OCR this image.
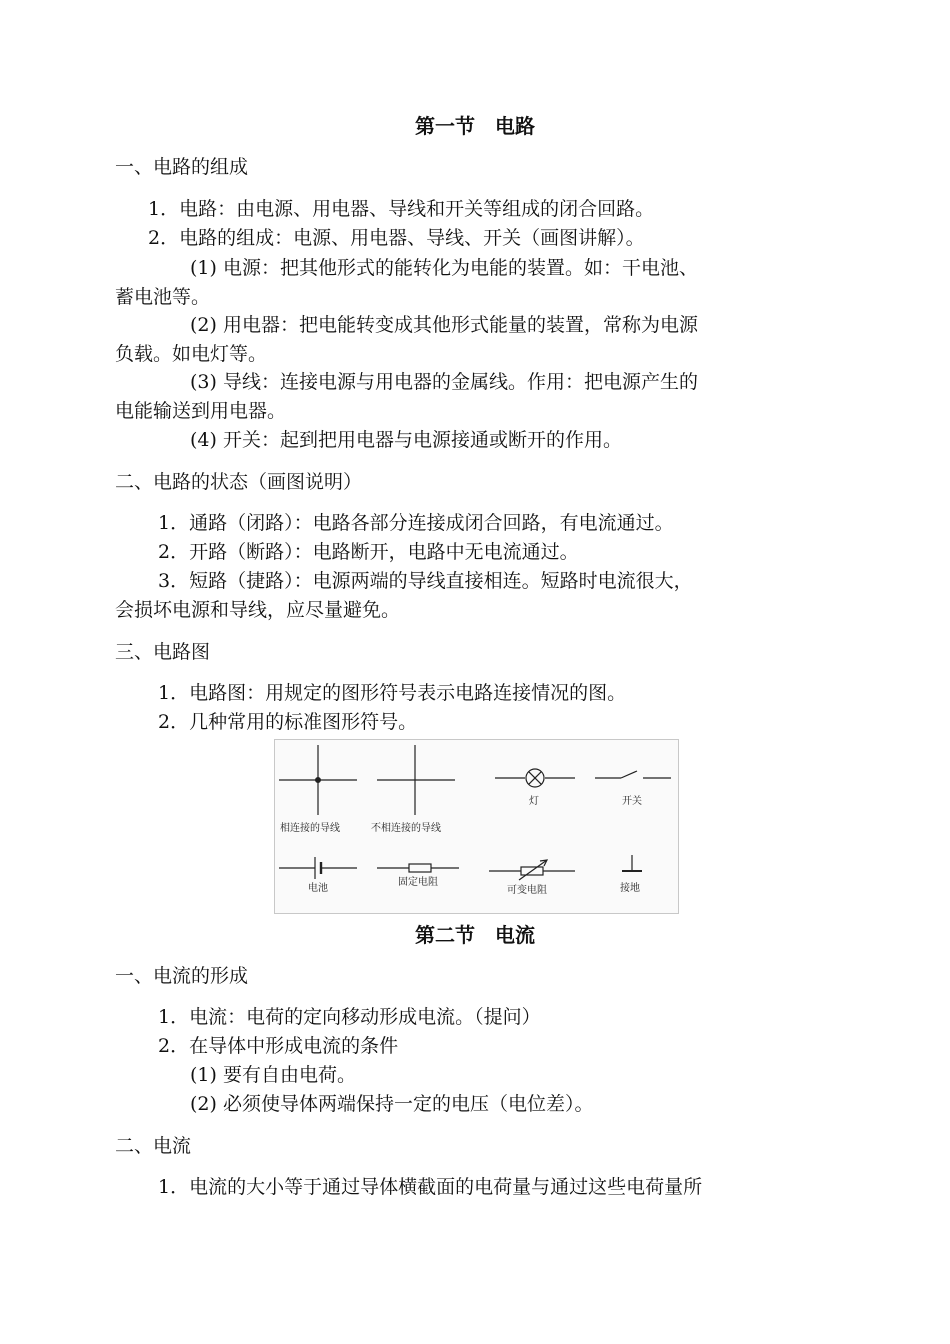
第一节　电路
一、电路的组成
1．电路：由电源、用电器、导线和开关等组成的闭合回路。
2．电路的组成：电源、用电器、导线、开关（画图讲解）。
(1) 电源：把其他形式的能转化为电能的装置。如：干电池、
蓄电池等。
(2) 用电器：把电能转变成其他形式能量的装置，常称为电源
负载。如电灯等。
(3) 导线：连接电源与用电器的金属线。作用：把电源产生的
电能输送到用电器。
(4) 开关：起到把用电器与电源接通或断开的作用。
二、电路的状态（画图说明）
1．通路（闭路）：电路各部分连接成闭合回路，有电流通过。
2．开路（断路）：电路断开，电路中无电流通过。
3．短路（捷路）：电源两端的导线直接相连。短路时电流很大，
会损坏电源和导线，应尽量避免。
三、电路图
1．电路图：用规定的图形符号表示电路连接情况的图。
2．几种常用的标准图形符号。
相连接的导线	不相连接的导线
灯	开关
电池
固定电阻
可变电阻	接地
第二节　电流
一、电流的形成
1．电流：电荷的定向移动形成电流。（提问）
2．在导体中形成电流的条件
(1) 要有自由电荷。
(2) 必须使导体两端保持一定的电压（电位差）。
二、电流
1．电流的大小等于通过导体横截面的电荷量与通过这些电荷量所
